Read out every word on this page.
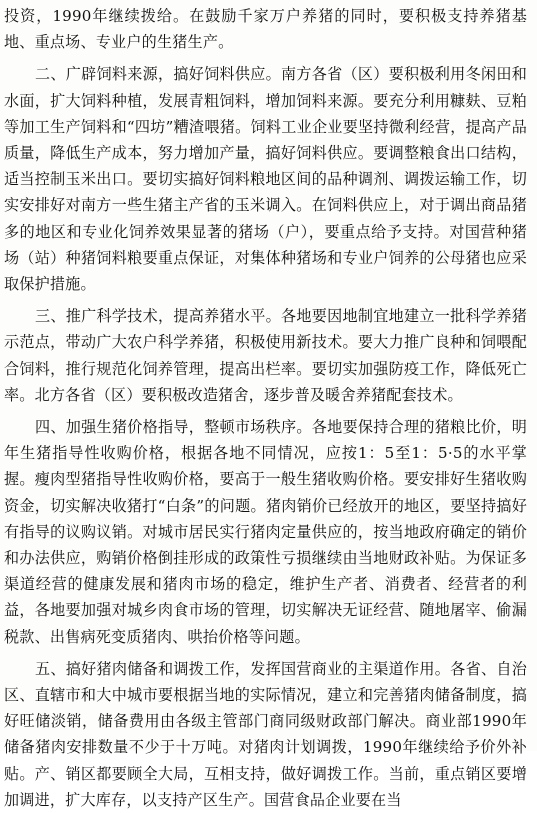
投资，1990年继续拨给。在鼓励千家万户养猪的同时，要积极支持养猪基地、重点场、专业户的生猪生产。

二、广辟饲料来源，搞好饲料供应。南方各省（区）要积极利用冬闲田和水面，扩大饲料种植，发展青粗饲料，增加饲料来源。要充分利用糠麸、豆粕等加工生产饲料和“四坊”糟渣喂猪。饲料工业企业要坚持微利经营，提高产品质量，降低生产成本，努力增加产量，搞好饲料供应。要调整粮食出口结构，适当控制玉米出口。要切实搞好饲料粮地区间的品种调剂、调拨运输工作，切实安排好对南方一些生猪主产省的玉米调入。在饲料供应上，对于调出商品猪多的地区和专业化饲养效果显著的猪场（户），要重点给予支持。对国营种猪场（站）种猪饲料粮要重点保证，对集体种猪场和专业户饲养的公母猪也应采取保护措施。

三、推广科学技术，提高养猪水平。各地要因地制宜地建立一批科学养猪示范点，带动广大农户科学养猪，积极使用新技术。要大力推广良种和饲喂配合饲料，推行规范化饲养管理，提高出栏率。要切实加强防疫工作，降低死亡率。北方各省（区）要积极改造猪舍，逐步普及暖舍养猪配套技术。

四、加强生猪价格指导，整顿市场秩序。各地要保持合理的猪粮比价，明年生猪指导性收购价格，根据各地不同情况，应按1：5至1：5·5的水平掌握。瘦肉型猪指导性收购价格，要高于一般生猪收购价格。要安排好生猪收购资金，切实解决收猪打“白条”的问题。猪肉销价已经放开的地区，要坚持搞好有指导的议购议销。对城市居民实行猪肉定量供应的，按当地政府确定的销价和办法供应，购销价格倒挂形成的政策性亏损继续由当地财政补贴。为保证多渠道经营的健康发展和猪肉市场的稳定，维护生产者、消费者、经营者的利益，各地要加强对城乡肉食市场的管理，切实解决无证经营、随地屠宰、偷漏税款、出售病死变质猪肉、哄抬价格等问题。

五、搞好猪肉储备和调拨工作，发挥国营商业的主渠道作用。各省、自治区、直辖市和大中城市要根据当地的实际情况，建立和完善猪肉储备制度，搞好旺储淡销，储备费用由各级主管部门商同级财政部门解决。商业部1990年储备猪肉安排数量不少于十万吨。对猪肉计划调拨，1990年继续给予价外补贴。产、销区都要顾全大局，互相支持，做好调拨工作。当前，重点销区要增加调进，扩大库存，以支持产区生产。国营食品企业要在当
